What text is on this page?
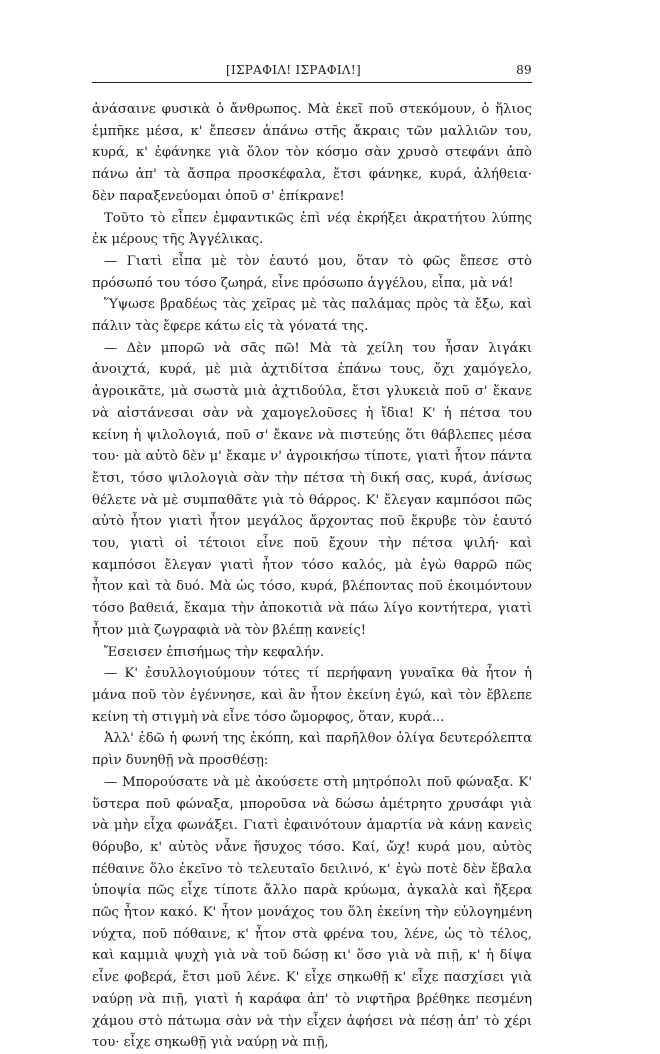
[ΙΣΡΑΦΙΛ! ΙΣΡΑΦΙΛ!]	89

ἀνάσαινε φυσικὰ ὁ ἄνθρωπος. Μὰ ἐκεῖ ποῦ στεκόμουν, ὁ ἥλιος ἐμπῆκε μέσα, κ' ἔπεσεν ἀπάνω στῆς ἄκραις τῶν μαλλιῶν του, κυρά, κ' ἐφάνηκε γιὰ ὅλον τὸν κόσμο σὰν χρυσὸ στεφάνι ἀπὸ πάνω ἀπ' τὰ ἄσπρα προσκέφαλα, ἔτσι φάνηκε, κυρά, ἀλήθεια· δὲν παραξενεύομαι ὁποῦ σ' ἐπίκρανε!

Τοῦτο τὸ εἶπεν ἐμφαντικῶς ἐπὶ νέᾳ ἐκρήξει ἀκρατήτου λύπης ἐκ μέρους τῆς Ἀγγέλικας.

— Γιατὶ εἶπα μὲ τὸν ἑαυτό μου, ὅταν τὸ φῶς ἔπεσε στὸ πρόσωπό του τόσο ζωηρά, εἶνε πρόσωπο ἀγγέλου, εἶπα, μὰ νά!

Ὕψωσε βραδέως τὰς χεῖρας μὲ τὰς παλάμας πρὸς τὰ ἔξω, καὶ πάλιν τὰς ἔφερε κάτω εἰς τὰ γόνατά της.

— Δὲν μπορῶ νὰ σᾶς πῶ! Μὰ τὰ χείλη του ἦσαν λιγάκι ἀνοιχτά, κυρά, μὲ μιὰ ἀχτιδίτσα ἐπάνω τους, ὄχι χαμόγελο, ἀγροικᾶτε, μὰ σωστὰ μιὰ ἀχτιδούλα, ἔτσι γλυκειὰ ποῦ σ' ἔκανε νὰ αἰστάνεσαι σὰν νὰ χαμογελοῦσες ἡ ἴδια! Κ' ἡ πέτσα του κείνη ἡ ψιλολογιά, ποῦ σ' ἔκανε νὰ πιστεύῃς ὅτι θάβλεπες μέσα του· μὰ αὐτὸ δὲν μ' ἔκαμε ν' ἀγροικήσω τίποτε, γιατὶ ἦτον πάντα ἔτσι, τόσο ψιλολογιὰ σὰν τὴν πέτσα τὴ δική σας, κυρά, ἀνίσως θέλετε νὰ μὲ συμπαθᾶτε γιὰ τὸ θάρρος. Κ' ἔλεγαν καμπόσοι πῶς αὐτὸ ἦτον γιατὶ ἦτον μεγάλος ἄρχοντας ποῦ ἔκρυβε τὸν ἑαυτό του, γιατὶ οἱ τέτοιοι εἶνε ποῦ ἔχουν τὴν πέτσα ψιλή· καὶ καμπόσοι ἔλεγαν γιατὶ ἦτον τόσο καλός, μὰ ἐγὼ θαρρῶ πῶς ἦτον καὶ τὰ δυό. Μὰ ὡς τόσο, κυρά, βλέποντας ποῦ ἐκοιμόντουν τόσο βαθειά, ἔκαμα τὴν ἀποκοτιὰ νὰ πάω λίγο κοντήτερα, γιατὶ ἦτον μιὰ ζωγραφιὰ νὰ τὸν βλέπῃ κανείς!

Ἔσεισεν ἐπισήμως τὴν κεφαλήν.

— Κ' ἐσυλλογιούμουν τότες τί περήφανη γυναῖκα θὰ ἦτον ἡ μάνα ποῦ τὸν ἐγέννησε, καὶ ἂν ἦτον ἐκείνη ἐγώ, καὶ τὸν ἔβλεπε κείνη τὴ στιγμὴ νὰ εἶνε τόσο ὤμορφος, ὅταν, κυρά...

Ἀλλ' ἐδῶ ἡ φωνή της ἐκόπη, καὶ παρῆλθον ὀλίγα δευτερόλεπτα πρὶν δυνηθῇ νὰ προσθέσῃ:

— Μπορούσατε νὰ μὲ ἀκούσετε στὴ μητρόπολι ποῦ φώναξα. Κ' ὕστερα ποῦ φώναξα, μποροῦσα νὰ δώσω ἀμέτρητο χρυσάφι γιὰ νὰ μὴν εἶχα φωνάξει. Γιατὶ ἐφαινότουν ἁμαρτία νὰ κάνῃ κανεὶς θόρυβο, κ' αὐτὸς νἆνε ἥσυχος τόσο. Καί, ὤχ! κυρά μου, αὐτὸς πέθαινε ὅλο ἐκεῖνο τὸ τελευταῖο δειλινό, κ' ἐγὼ ποτὲ δὲν ἔβαλα ὑποψία πῶς εἶχε τίποτε ἄλλο παρὰ κρύωμα, ἀγκαλὰ καὶ ἤξερα πῶς ἦτον κακό. Κ' ἦτον μονάχος του ὅλη ἐκείνη τὴν εὐλογημένη νύχτα, ποῦ πόθαινε, κ' ἦτον στὰ φρένα του, λένε, ὡς τὸ τέλος, καὶ καμμιὰ ψυχὴ γιὰ νὰ τοῦ δώσῃ κι' ὅσο γιὰ νὰ πιῇ, κ' ἡ δίψα εἶνε φοβερά, ἔτσι μοῦ λένε. Κ' εἶχε σηκωθῇ κ' εἶχε πασχίσει γιὰ ναύρῃ νὰ πιῇ, γιατὶ ἡ καράφα ἀπ' τὸ νιφτῆρα βρέθηκε πεσμένη χάμου στὸ πάτωμα σὰν νὰ τὴν εἶχεν ἀφήσει νὰ πέσῃ ἀπ' τὸ χέρι του· εἶχε σηκωθῇ γιὰ ναύρῃ νὰ πιῇ,
